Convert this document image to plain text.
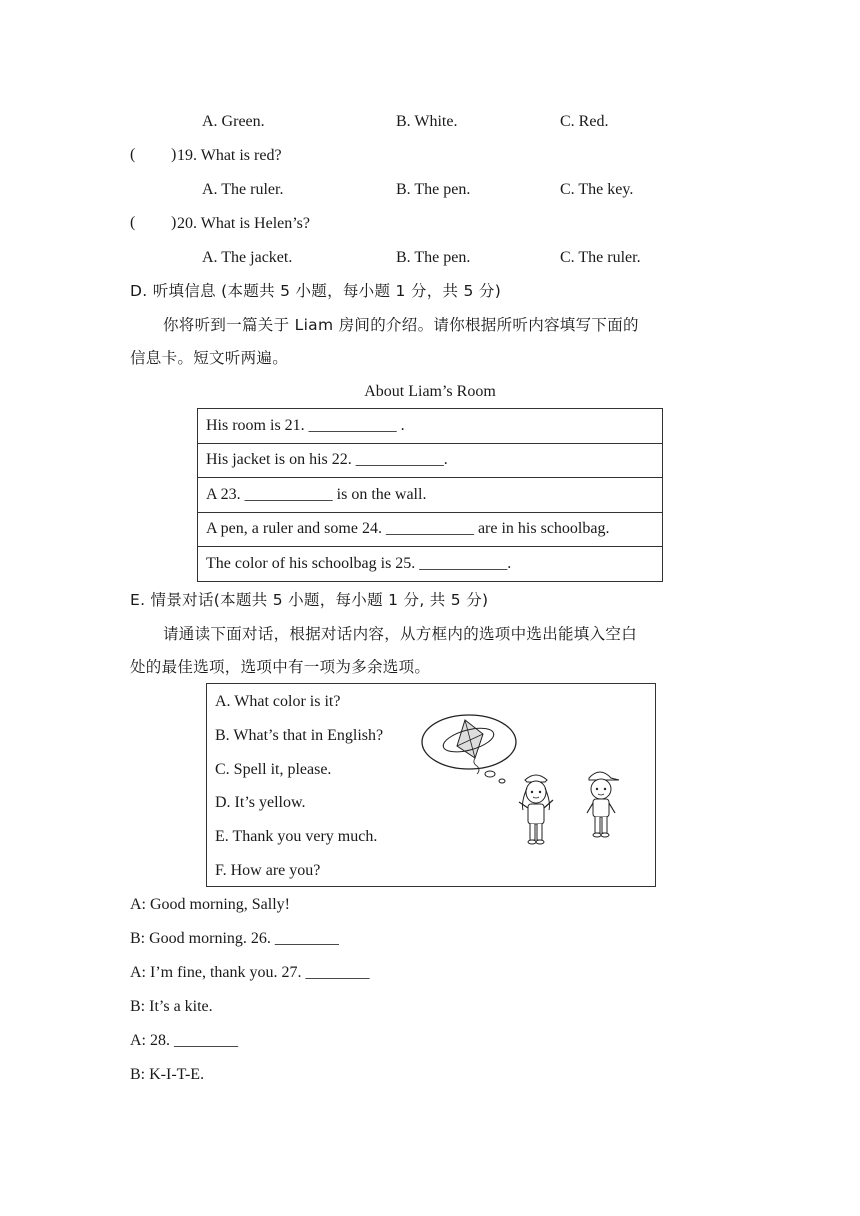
A. Green.	B. White.	C. Red.
( ) 19. What is red?
A. The ruler.	B. The pen.	C. The key.
( ) 20. What is Helen’s?
A. The jacket.	B. The pen.	C. The ruler.
D. 听填信息 (本题共 5 小题，每小题 1 分，共 5 分)
你将听到一篇关于 Liam 房间的介绍。请你根据所听内容填写下面的
信息卡。短文听两遍。
About Liam’s Room
His room is 21. ___________ .
His jacket is on his 22. ___________.
A 23. ___________ is on the wall.
A pen, a ruler and some 24. ___________ are in his schoolbag.
The color of his schoolbag is 25. ___________.
E. 情景对话(本题共 5 小题，每小题 1 分, 共 5 分)
请通读下面对话，根据对话内容，从方框内的选项中选出能填入空白
处的最佳选项，选项中有一项为多余选项。
A. What color is it?
B. What’s that in English?
C. Spell it, please.
D. It’s yellow.
E. Thank you very much.
F. How are you?
A: Good morning, Sally!
B: Good morning. 26. ________
A: I’m fine, thank you. 27. ________
B: It’s a kite.
A: 28. ________
B: K-I-T-E.
